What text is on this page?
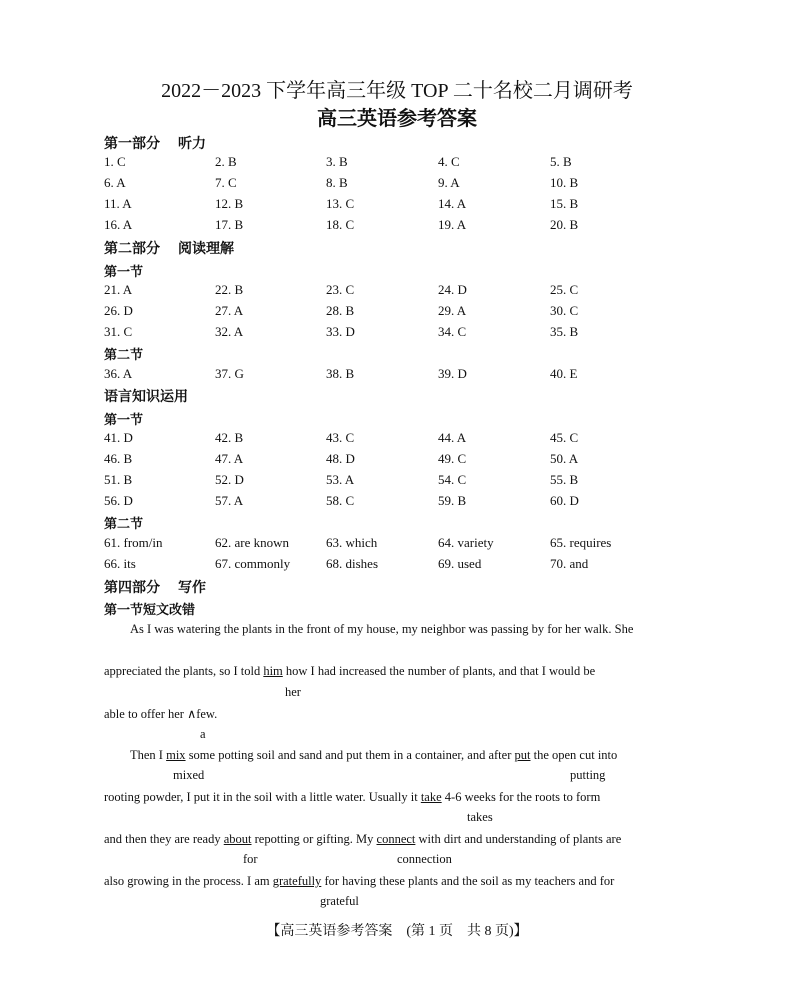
2022－2023 下学年高三年级 TOP 二十名校二月调研考
高三英语参考答案
第一部分 听力
1. C	2. B	3. B	4. C	5. B
6. A	7. C	8. B	9. A	10. B
11. A	12. B	13. C	14. A	15. B
16. A	17. B	18. C	19. A	20. B
第二部分 阅读理解
第一节
21. A	22. B	23. C	24. D	25. C
26. D	27. A	28. B	29. A	30. C
31. C	32. A	33. D	34. C	35. B
第二节
36. A	37. G	38. B	39. D	40. E
语言知识运用
第一节
41. D	42. B	43. C	44. A	45. C
46. B	47. A	48. D	49. C	50. A
51. B	52. D	53. A	54. C	55. B
56. D	57. A	58. C	59. B	60. D
第二节
61. from/in	62. are known	63. which	64. variety	65. requires
66. its	67. commonly	68. dishes	69. used	70. and
第四部分 写作
第一节短文改错
As I was watering the plants in the front of my house, my neighbor was passing by for her walk. She
appreciated the plants, so I told him how I had increased the number of plants, and that I would be
her
able to offer her ∧few.
a
Then I mix some potting soil and sand and put them in a container, and after put the open cut into
mixed	putting
rooting powder, I put it in the soil with a little water. Usually it take 4-6 weeks for the roots to form
takes
and then they are ready about repotting or gifting. My connect with dirt and understanding of plants are
for	connection
also growing in the process. I am gratefully for having these plants and the soil as my teachers and for
grateful
【高三英语参考答案　(第 1 页　共 8 页)】
